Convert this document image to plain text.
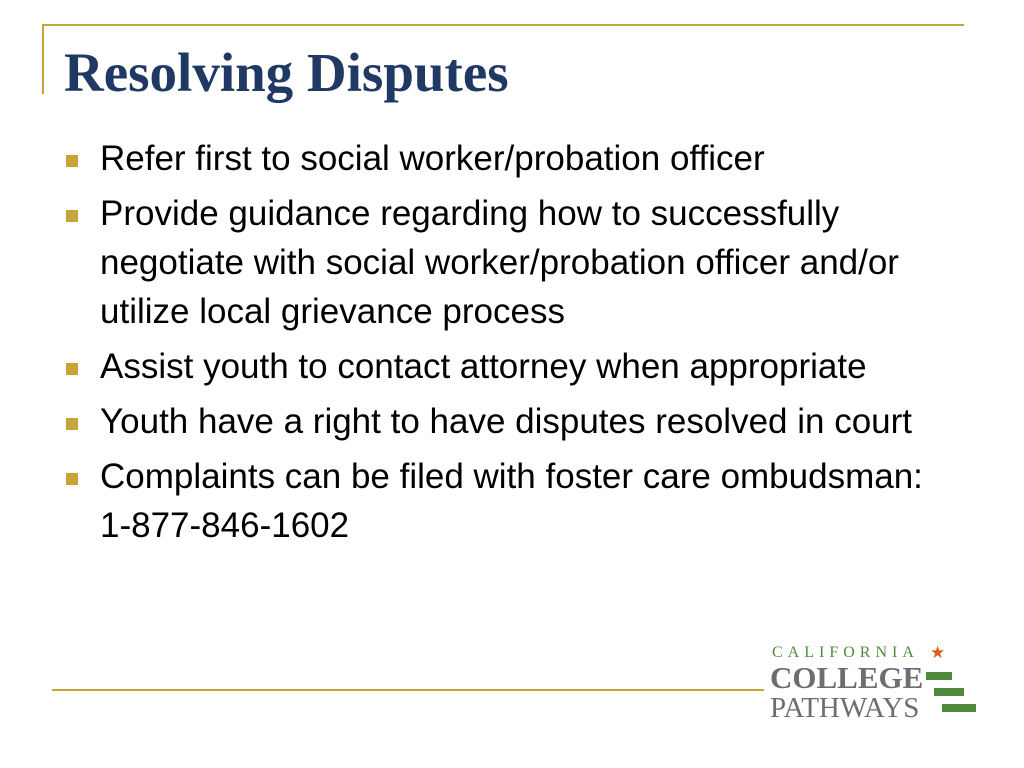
Resolving Disputes
Refer first to social worker/probation officer
Provide guidance regarding how to successfully negotiate with social worker/probation officer and/or utilize local grievance process
Assist youth to contact attorney when appropriate
Youth have a right to have disputes resolved in court
Complaints can be filed with foster care ombudsman:  1-877-846-1602
CALIFORNIA ★
COLLEGE
PATHWAYS
